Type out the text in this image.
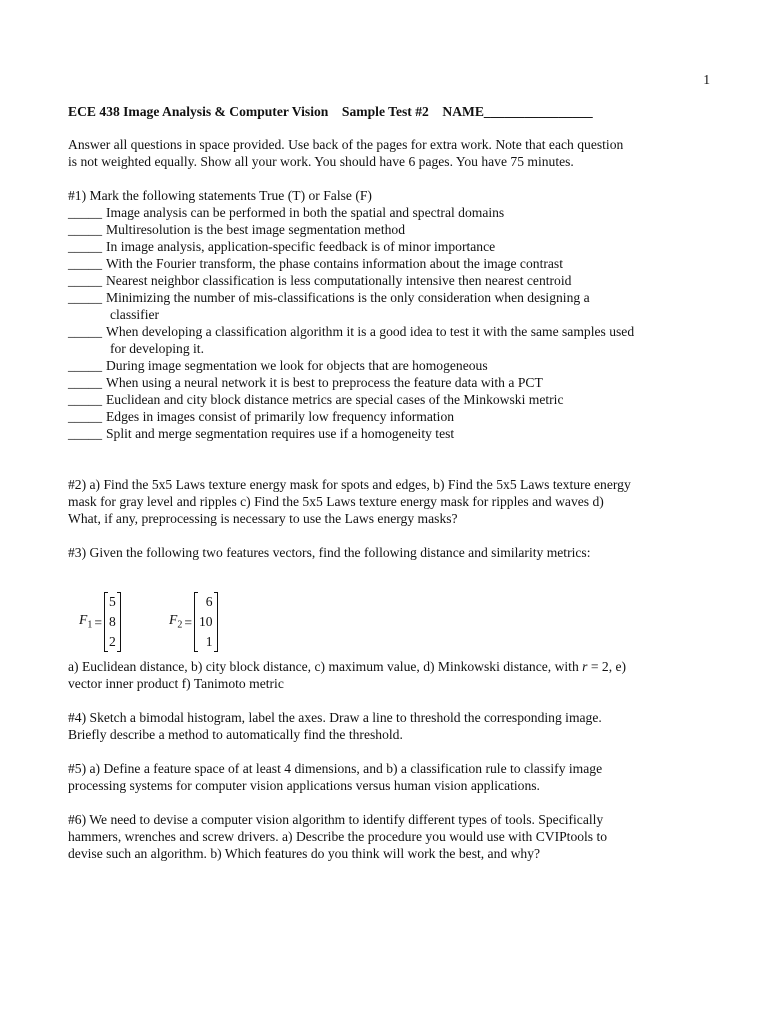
1
ECE 438 Image Analysis & Computer Vision Sample Test #2 NAME________________
Answer all questions in space provided. Use back of the pages for extra work. Note that each question
is not weighted equally. Show all your work. You should have 6 pages. You have 75 minutes.
#1) Mark the following statements True (T) or False (F)
_____ Image analysis can be performed in both the spatial and spectral domains
_____ Multiresolution is the best image segmentation method
_____ In image analysis, application-specific feedback is of minor importance
_____ With the Fourier transform, the phase contains information about the image contrast
_____ Nearest neighbor classification is less computationally intensive then nearest centroid
_____ Minimizing the number of mis-classifications is the only consideration when designing a
classifier
_____ When developing a classification algorithm it is a good idea to test it with the same samples used
for developing it.
_____ During image segmentation we look for objects that are homogeneous
_____ When using a neural network it is best to preprocess the feature data with a PCT
_____ Euclidean and city block distance metrics are special cases of the Minkowski metric
_____ Edges in images consist of primarily low frequency information
_____ Split and merge segmentation requires use if a homogeneity test
#2) a) Find the 5x5 Laws texture energy mask for spots and edges, b) Find the 5x5 Laws texture energy
mask for gray level and ripples c) Find the 5x5 Laws texture energy mask for ripples and waves d)
What, if any, preprocessing is necessary to use the Laws energy masks?
#3) Given the following two features vectors, find the following distance and similarity metrics:
$F_1$ =
5
8
2
$F_2$ =
6
10
1
a) Euclidean distance, b) city block distance, c) maximum value, d) Minkowski distance, with r = 2, e)
vector inner product f) Tanimoto metric
#4) Sketch a bimodal histogram, label the axes. Draw a line to threshold the corresponding image.
Briefly describe a method to automatically find the threshold.
#5) a) Define a feature space of at least 4 dimensions, and b) a classification rule to classify image
processing systems for computer vision applications versus human vision applications.
#6) We need to devise a computer vision algorithm to identify different types of tools. Specifically
hammers, wrenches and screw drivers. a) Describe the procedure you would use with CVIPtools to
devise such an algorithm. b) Which features do you think will work the best, and why?
